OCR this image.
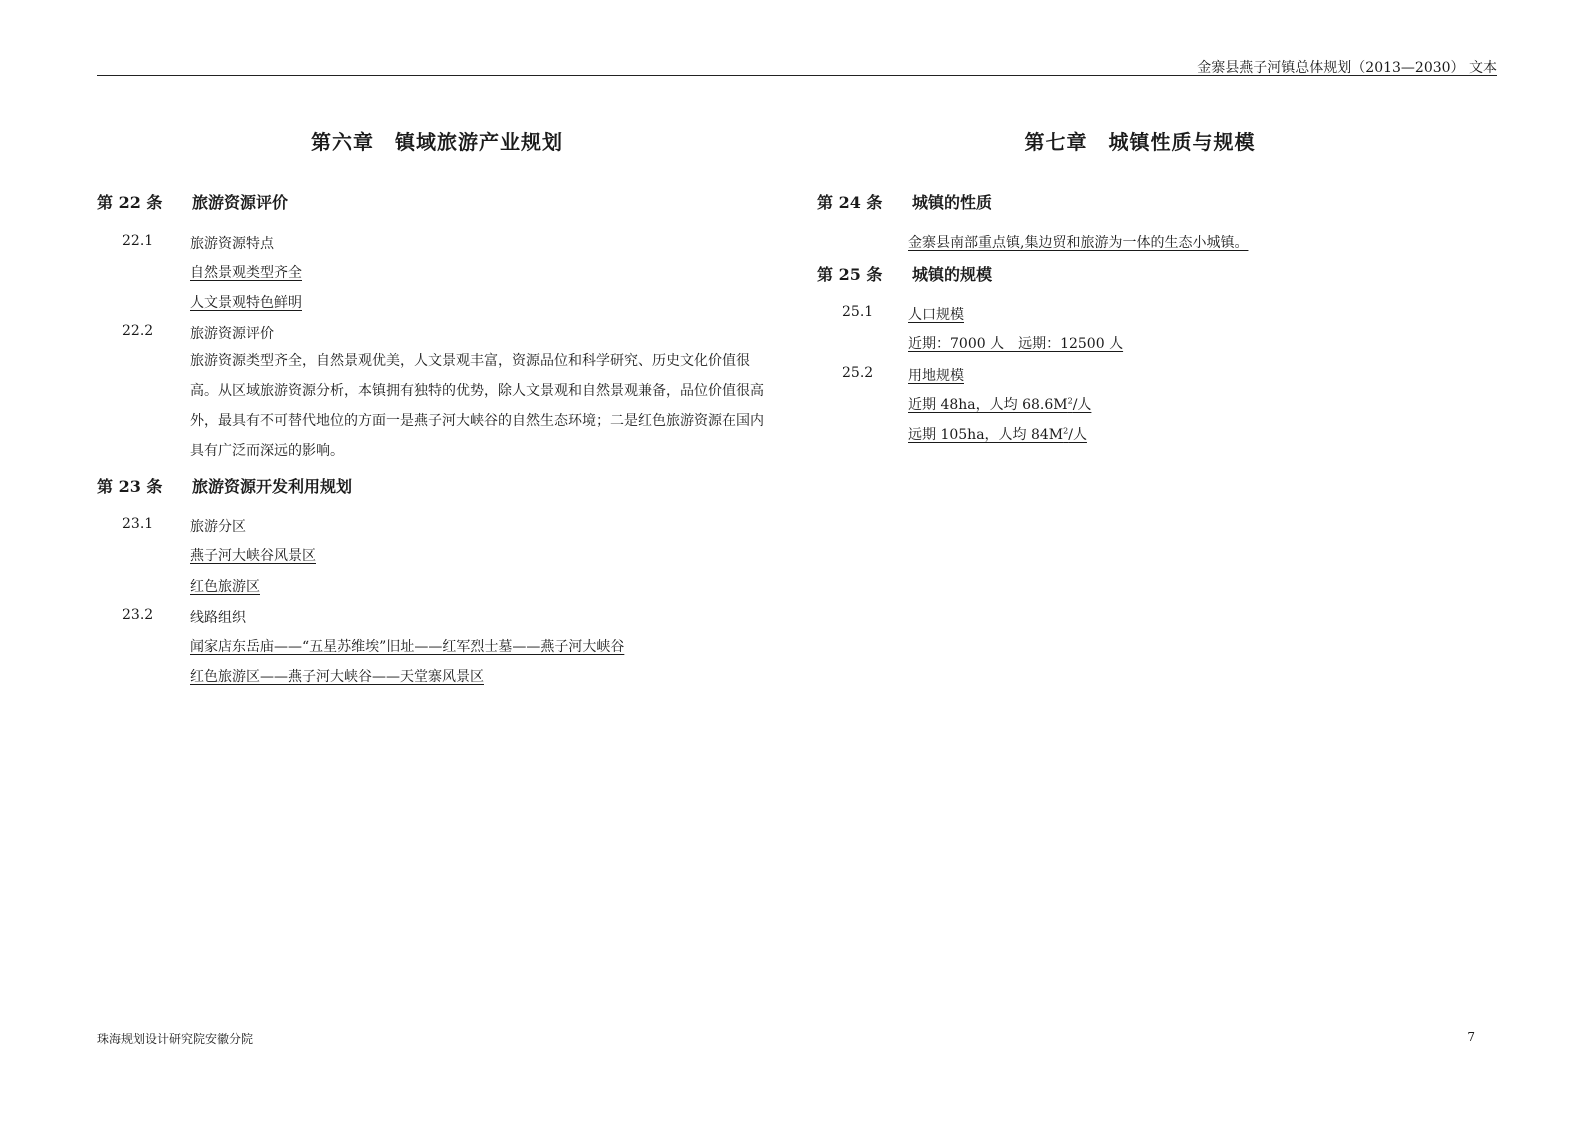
金寨县燕子河镇总体规划（2013—2030） 文本
第六章　镇域旅游产业规划
第 22 条 旅游资源评价
22.1	旅游资源特点
自然景观类型齐全
人文景观特色鲜明
22.2	旅游资源评价
旅游资源类型齐全，自然景观优美，人文景观丰富，资源品位和科学研究、历史文化价值很高。从区域旅游资源分析，本镇拥有独特的优势，除人文景观和自然景观兼备，品位价值很高外，最具有不可替代地位的方面一是燕子河大峡谷的自然生态环境；二是红色旅游资源在国内具有广泛而深远的影响。
第 23 条 旅游资源开发利用规划
23.1	旅游分区
燕子河大峡谷风景区
红色旅游区
23.2	线路组织
闻家店东岳庙——“五星苏维埃”旧址——红军烈士墓——燕子河大峡谷
红色旅游区——燕子河大峡谷——天堂寨风景区
第七章　城镇性质与规模
第 24 条 城镇的性质
金寨县南部重点镇,集边贸和旅游为一体的生态小城镇。
第 25 条 城镇的规模
25.1 人口规模
近期：7000 人　远期：12500 人
25.2 用地规模
近期 48ha，人均 $68.6M^2/$人
远期 105ha，人均 $84M^2/$人
珠海规划设计研究院安徽分院	7
